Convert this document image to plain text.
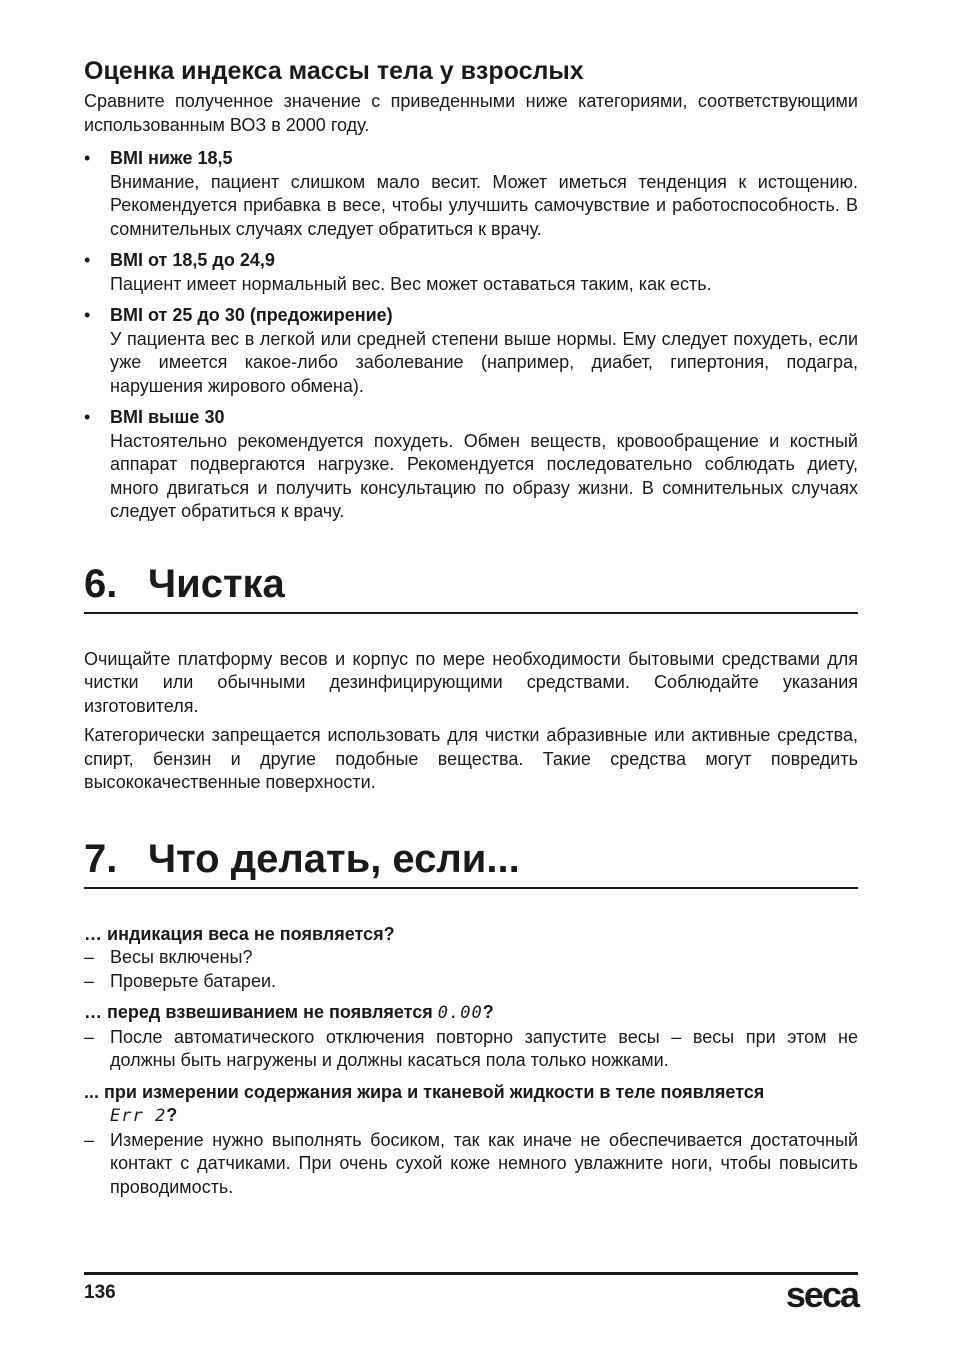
Оценка индекса массы тела у взрослых

Сравните полученное значение с приведенными ниже категориями, соответствующими использованным ВОЗ в 2000 году.

• BMI ниже 18,5

Внимание, пациент слишком мало весит. Может иметься тенденция к истощению. Рекомендуется прибавка в весе, чтобы улучшить самочувствие и работоспособность. В сомнительных случаях следует обратиться к врачу.

• BMI от 18,5 до 24,9

Пациент имеет нормальный вес. Вес может оставаться таким, как есть.

• BMI от 25 до 30 (предожирение)

У пациента вес в легкой или средней степени выше нормы. Ему следует похудеть, если уже имеется какое-либо заболевание (например, диабет, гипертония, подагра, нарушения жирового обмена).

• BMI выше 30

Настоятельно рекомендуется похудеть. Обмен веществ, кровообращение и костный аппарат подвергаются нагрузке. Рекомендуется последовательно соблюдать диету, много двигаться и получить консультацию по образу жизни. В сомнительных случаях следует обратиться к врачу.

6. Чистка

Очищайте платформу весов и корпус по мере необходимости бытовыми средствами для чистки или обычными дезинфицирующими средствами. Соблюдайте указания изготовителя.

Категорически запрещается использовать для чистки абразивные или активные средства, спирт, бензин и другие подобные вещества. Такие средства могут повредить высококачественные поверхности.

7. Что делать, если...
… индикация веса не появляется?
– Весы включены?
– Проверьте батареи.
… перед взвешиванием не появляется 0.00?
– После автоматического отключения повторно запустите весы – весы при этом не должны быть нагружены и должны касаться пола только ножками.
... при измерении содержания жира и тканевой жидкости в теле появляется
Err 2?
– Измерение нужно выполнять босиком, так как иначе не обеспечивается достаточный контакт с датчиками. При очень сухой коже немного увлажните ноги, чтобы повысить проводимость.
136	seca
